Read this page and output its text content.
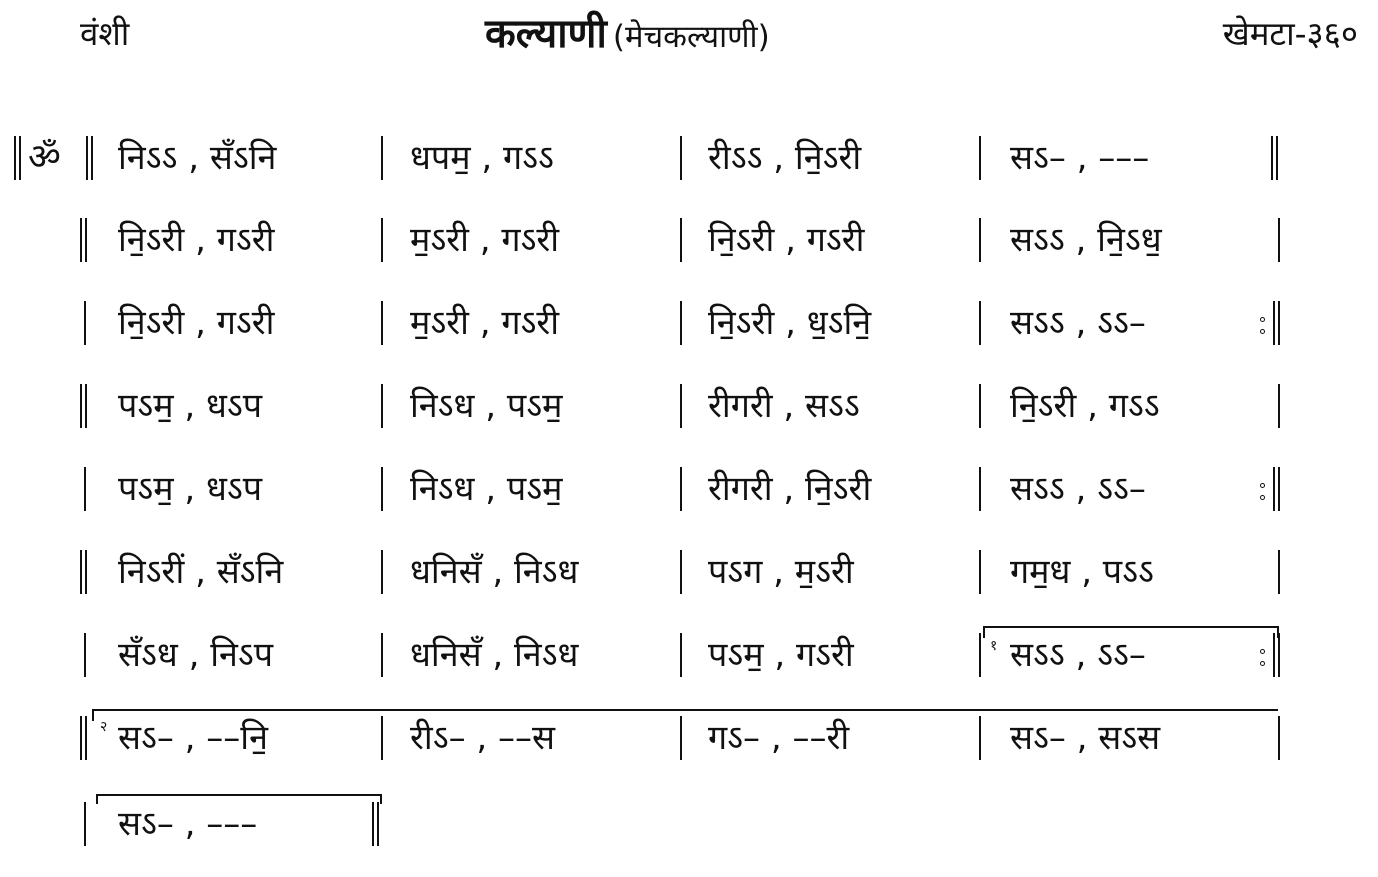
वंशी	कल्याणी (मेचकल्याणी)	खेमटा-३६०
ॐ निऽऽ , सँऽनि	धपम॒ , गऽऽ	रीऽऽ , नि॒ऽरी	सऽ– , –––
नि॒ऽरी , गऽरी	म॒ऽरी , गऽरी	नि॒ऽरी , गऽरी	सऽऽ , नि॒ऽध॒
नि॒ऽरी , गऽरी	म॒ऽरी , गऽरी	नि॒ऽरी , ध॒ऽनि॒	सऽऽ , ऽऽ–
पऽम॒ , धऽप	निऽध , पऽम॒	रीगरी , सऽऽ	नि॒ऽरी , गऽऽ
पऽम॒ , धऽप	निऽध , पऽम॒	रीगरी , नि॒ऽरी	सऽऽ , ऽऽ–
निऽरीं , सँऽनि	धनिसँ , निऽध	पऽग , म॒ऽरी	गम॒ध , पऽऽ
सँऽध , निऽप	धनिसँ , निऽध	पऽम॒ , गऽरी	१ सऽऽ , ऽऽ–
२ सऽ– , ––नि॒	रीऽ– , ––स	गऽ– , ––री	सऽ– , सऽस
सऽ– , –––
